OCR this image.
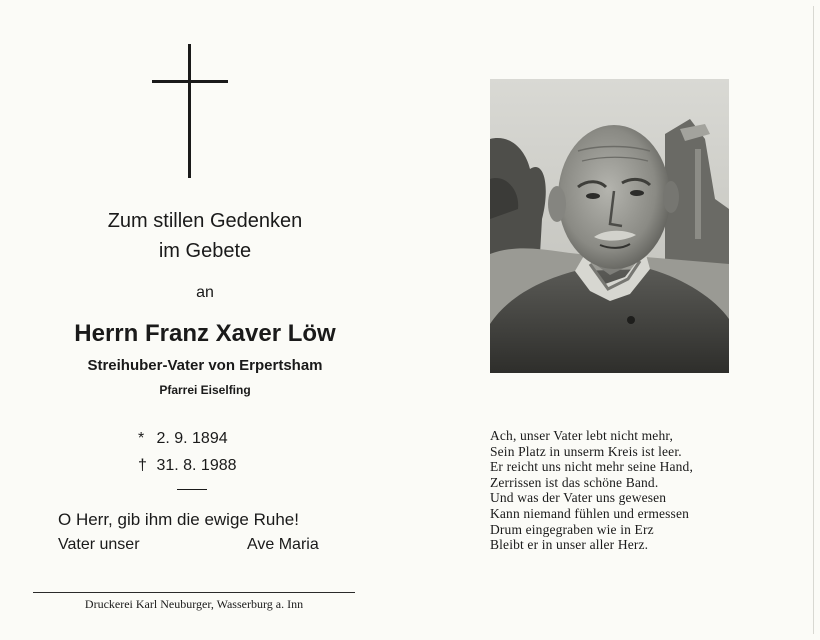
Zum stillen Gedenken
im Gebete
an
Herrn Franz Xaver Löw
Streihuber-Vater von Erpertsham
Pfarrei Eiselfing
* 2. 9. 1894
† 31. 8. 1988
O Herr, gib ihm die ewige Ruhe!
Vater unser	Ave Maria
Druckerei Karl Neuburger, Wasserburg a. Inn
Ach, unser Vater lebt nicht mehr,
Sein Platz in unserm Kreis ist leer.
Er reicht uns nicht mehr seine Hand,
Zerrissen ist das schöne Band.
Und was der Vater uns gewesen
Kann niemand fühlen und ermessen
Drum eingegraben wie in Erz
Bleibt er in unser aller Herz.
